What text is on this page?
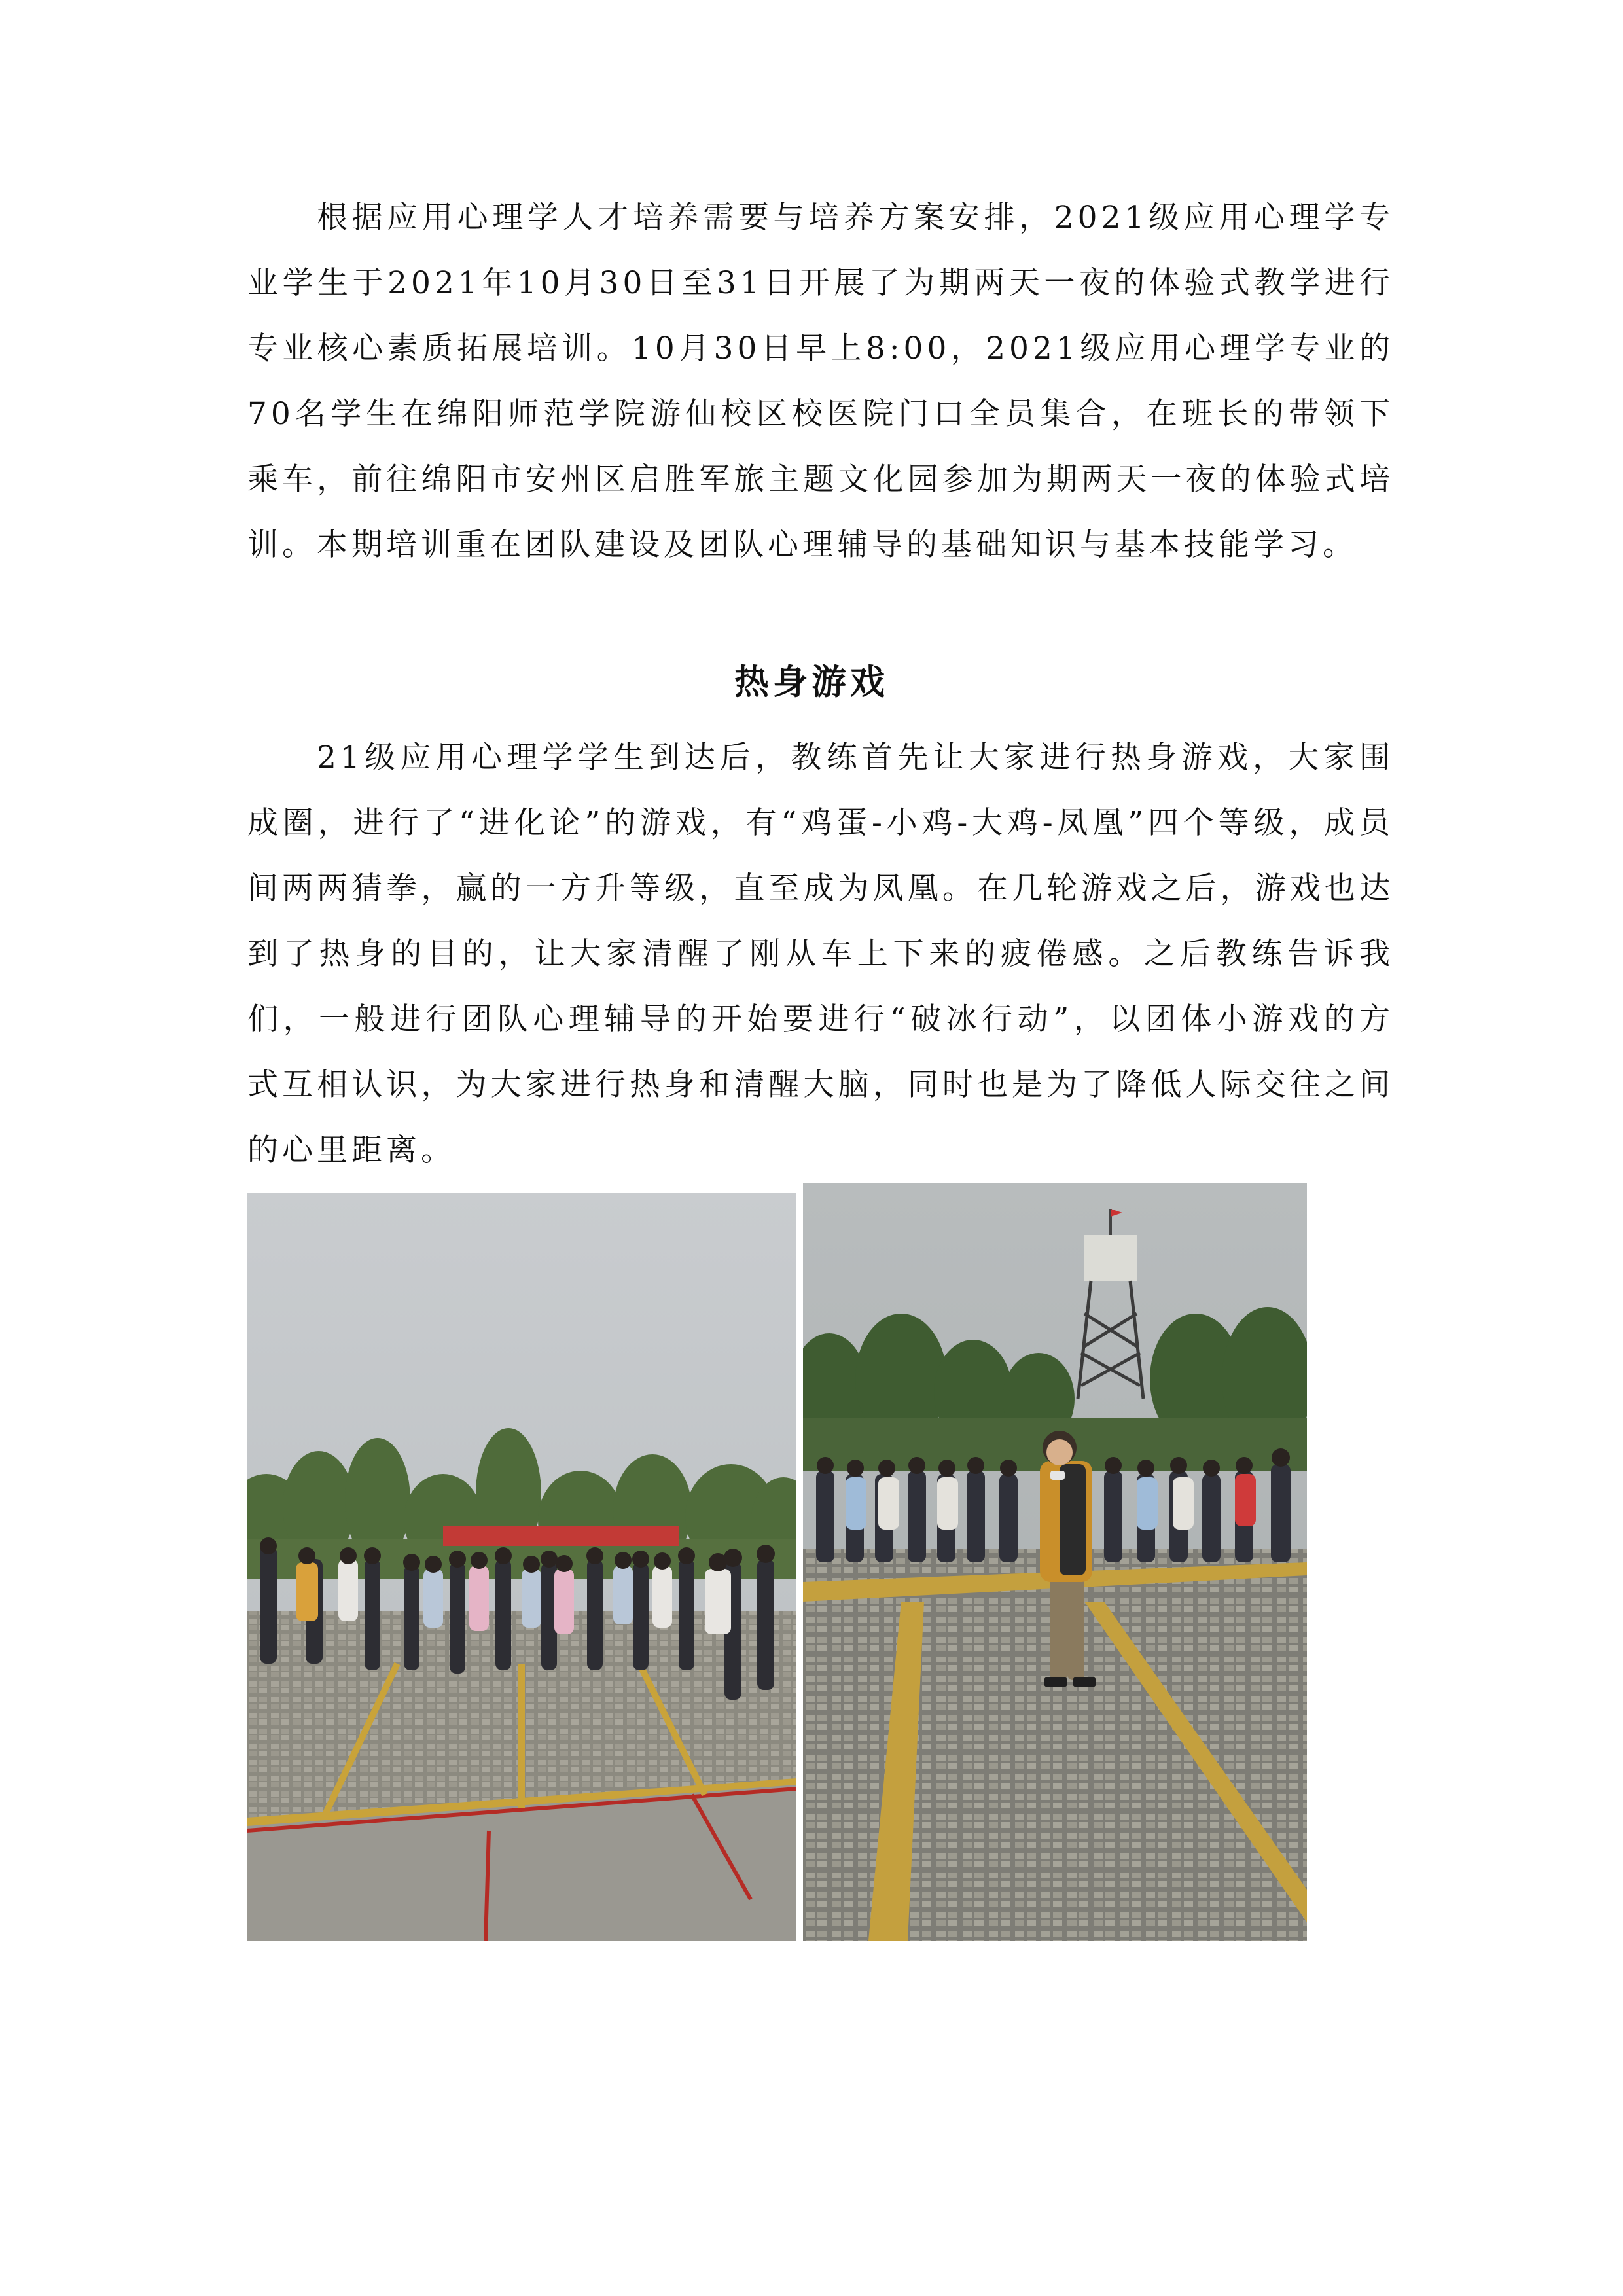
根据应用心理学人才培养需要与培养方案安排，2021级应用心理学专业学生于2021年10月30日至31日开展了为期两天一夜的体验式教学进行专业核心素质拓展培训。10月30日早上8:00，2021级应用心理学专业的70名学生在绵阳师范学院游仙校区校医院门口全员集合，在班长的带领下乘车，前往绵阳市安州区启胜军旅主题文化园参加为期两天一夜的体验式培训。本期培训重在团队建设及团队心理辅导的基础知识与基本技能学习。

热身游戏

21级应用心理学学生到达后，教练首先让大家进行热身游戏，大家围成圈，进行了“进化论”的游戏，有“鸡蛋-小鸡-大鸡-凤凰”四个等级，成员间两两猜拳，赢的一方升等级，直至成为凤凰。在几轮游戏之后，游戏也达到了热身的目的，让大家清醒了刚从车上下来的疲倦感。之后教练告诉我们，一般进行团队心理辅导的开始要进行“破冰行动”，以团体小游戏的方式互相认识，为大家进行热身和清醒大脑，同时也是为了降低人际交往之间的心里距离。
